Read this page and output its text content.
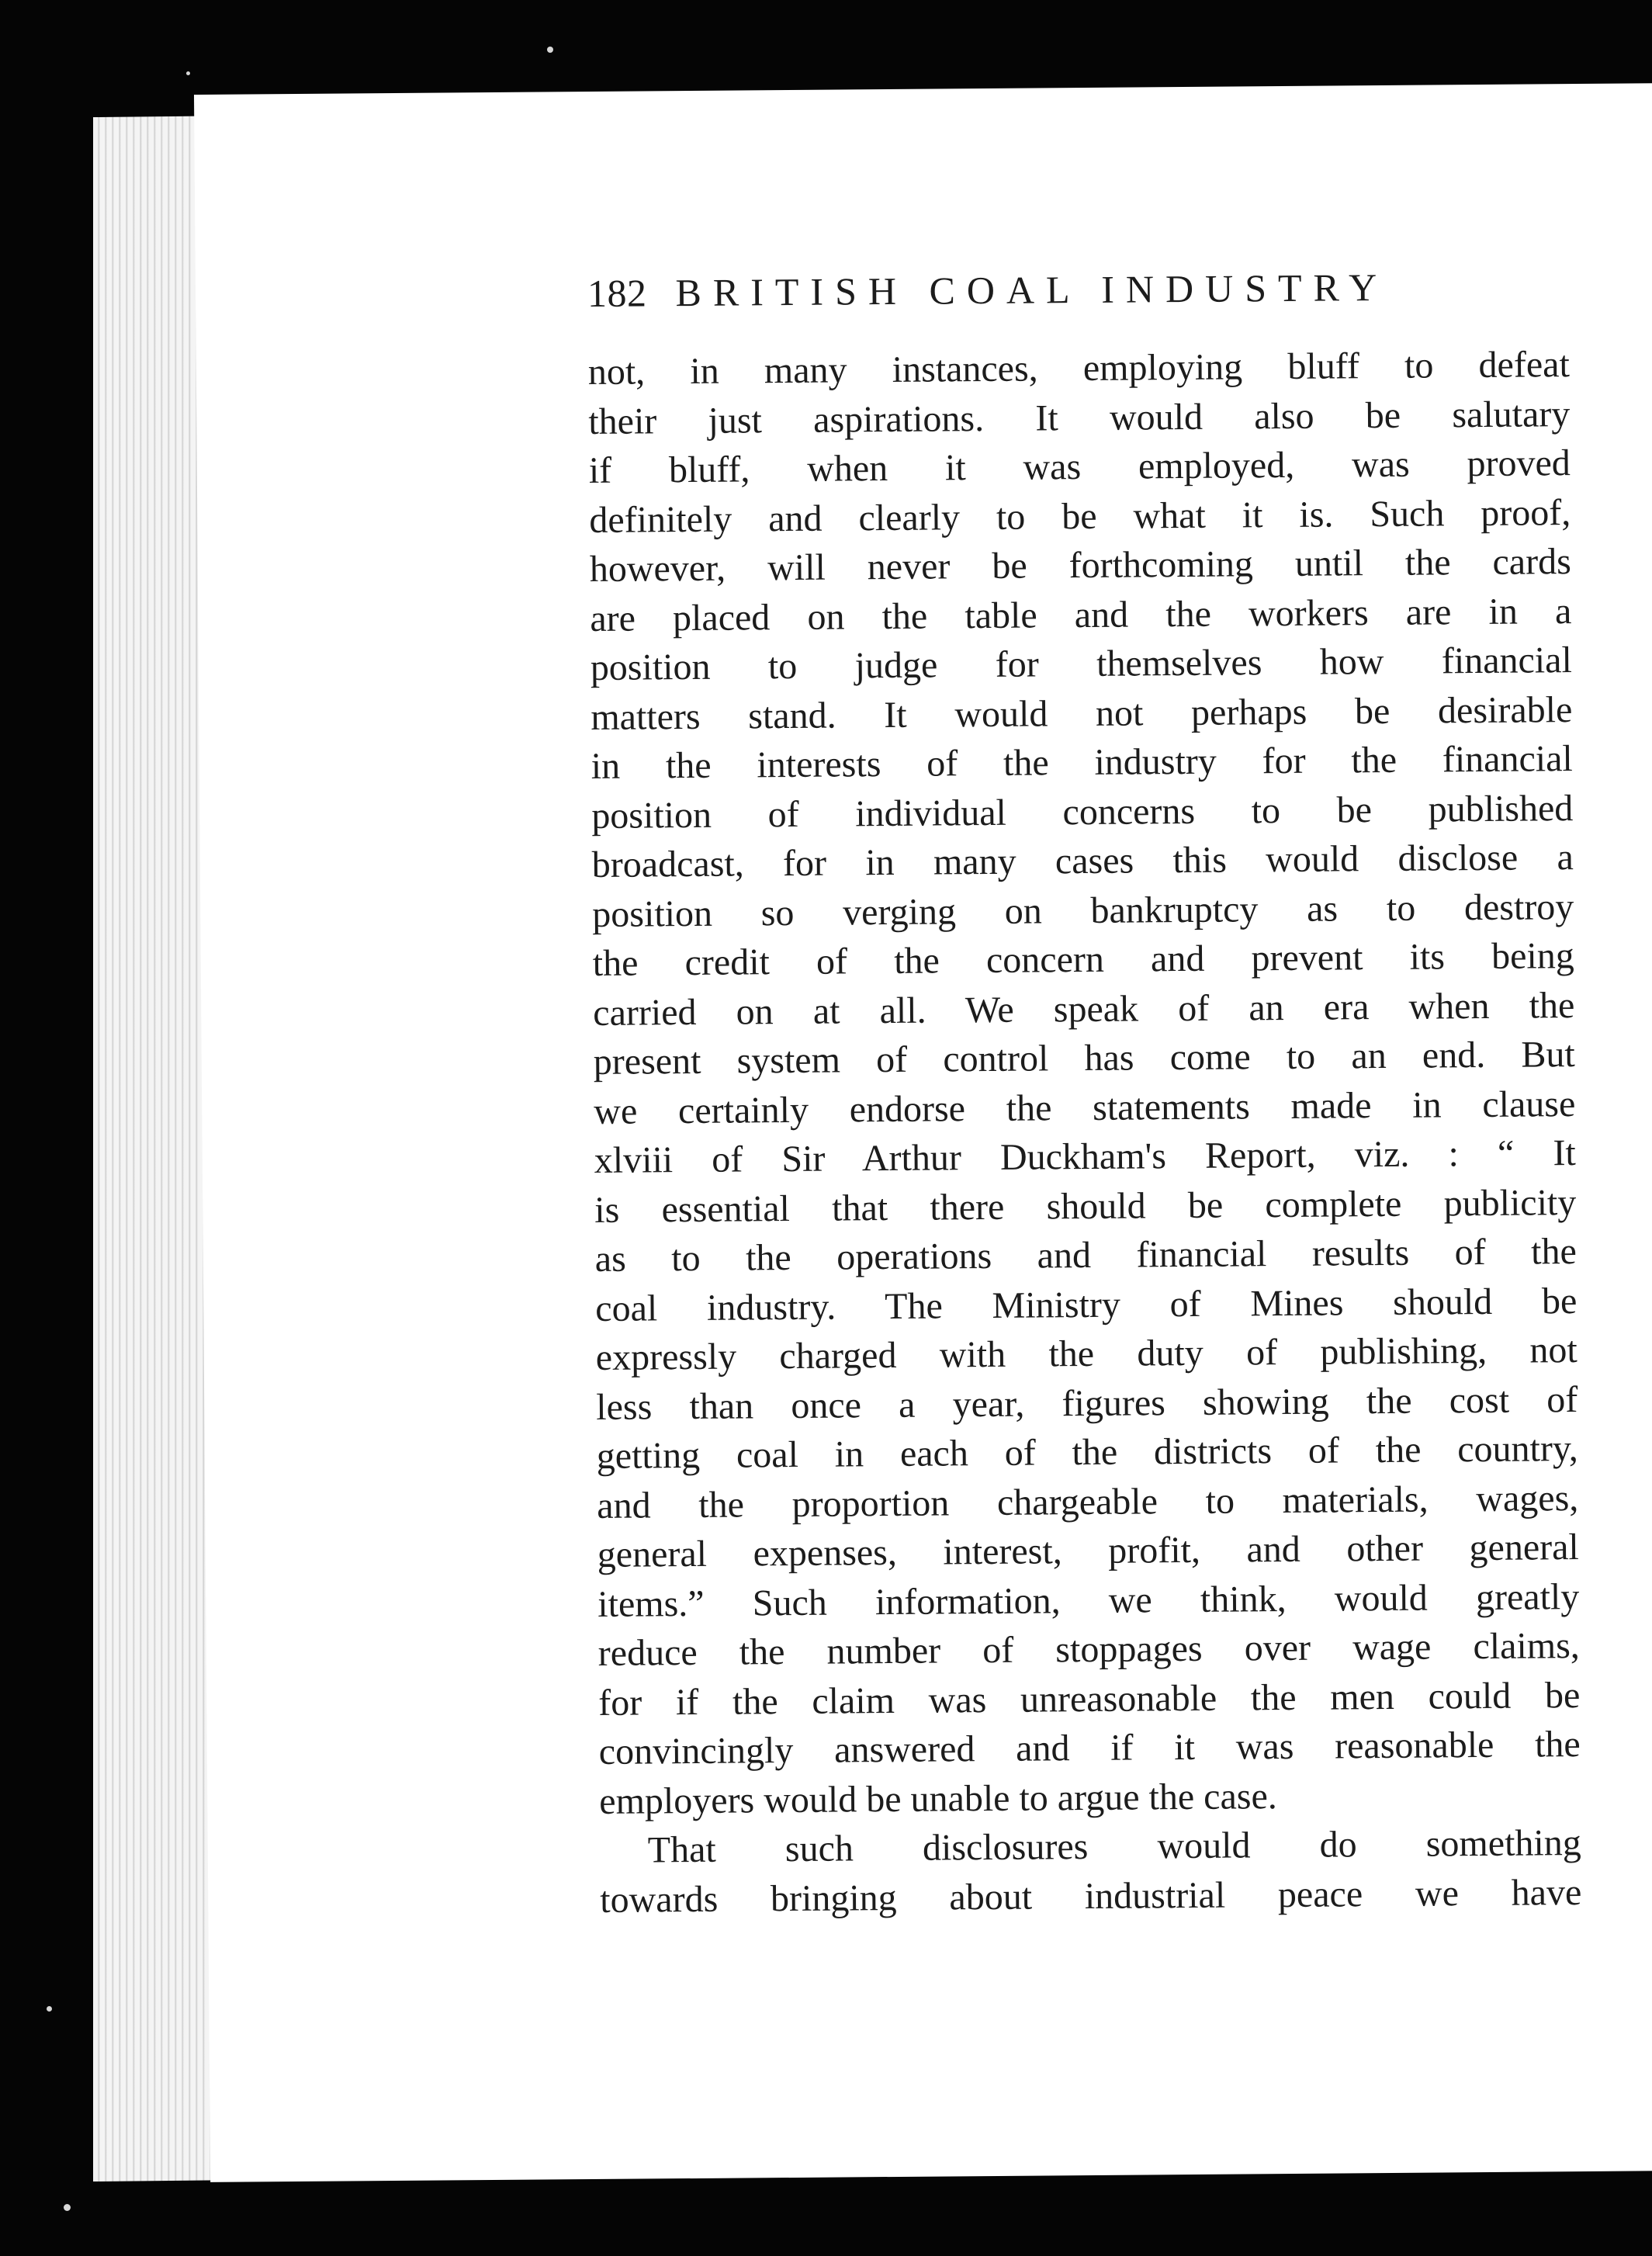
182 BRITISH COAL INDUSTRY
not, in many instances, employing bluff to defeat
their just aspirations. It would also be salutary
if bluff, when it was employed, was proved
definitely and clearly to be what it is. Such proof,
however, will never be forthcoming until the cards
are placed on the table and the workers are in a
position to judge for themselves how financial
matters stand. It would not perhaps be desirable
in the interests of the industry for the financial
position of individual concerns to be published
broadcast, for in many cases this would disclose a
position so verging on bankruptcy as to destroy
the credit of the concern and prevent its being
carried on at all. We speak of an era when the
present system of control has come to an end. But
we certainly endorse the statements made in clause
xlviii of Sir Arthur Duckham's Report, viz. : “ It
is essential that there should be complete publicity
as to the operations and financial results of the
coal industry. The Ministry of Mines should be
expressly charged with the duty of publishing, not
less than once a year, figures showing the cost of
getting coal in each of the districts of the country,
and the proportion chargeable to materials, wages,
general expenses, interest, profit, and other general
items.” Such information, we think, would greatly
reduce the number of stoppages over wage claims,
for if the claim was unreasonable the men could be
convincingly answered and if it was reasonable the
employers would be unable to argue the case.
That such disclosures would do something
towards bringing about industrial peace we have
